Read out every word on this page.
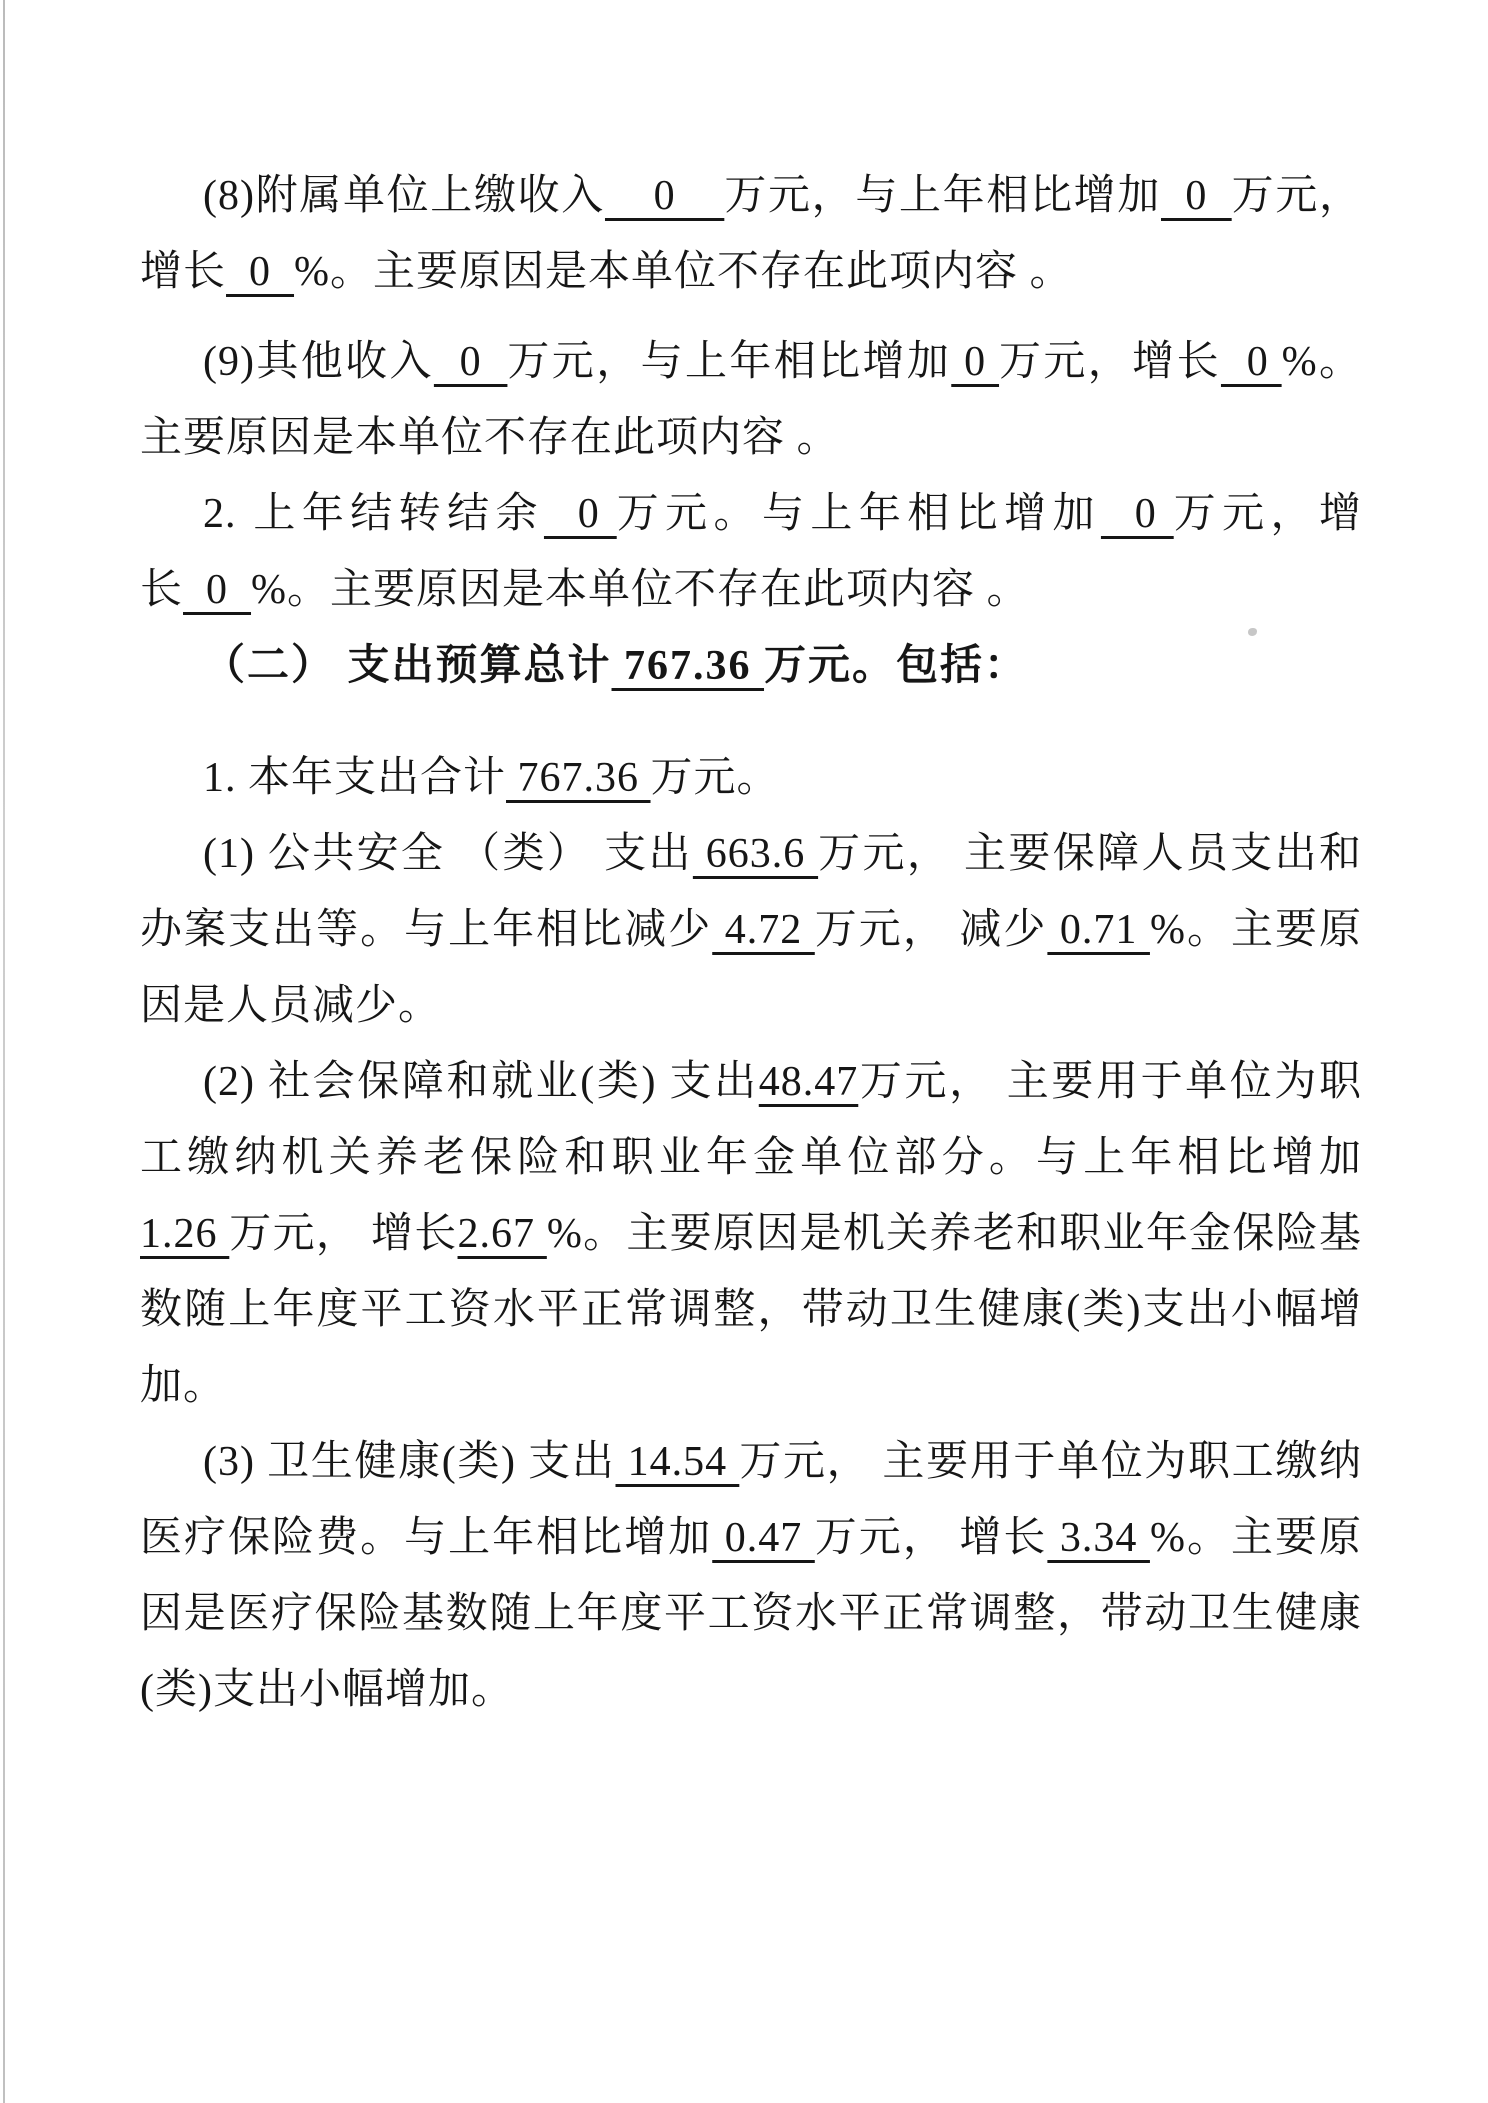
(8)附属单位上缴收入    0    万元，与上年相比增加  0  万元，增长  0  %。主要原因是本单位不存在此项内容 。

(9)其他收入  0  万元，与上年相比增加 0 万元，增长  0 %。主要原因是本单位不存在此项内容 。

2. 上年结转结余  0 万元。与上年相比增加  0 万元，增长  0  %。主要原因是本单位不存在此项内容 。

（二） 支出预算总计 767.36 万元。包括：

1. 本年支出合计 767.36 万元。

(1) 公共安全 （类） 支出 663.6 万元， 主要保障人员支出和办案支出等。与上年相比减少 4.72 万元， 减少 0.71 %。主要原因是人员减少。

(2) 社会保障和就业(类) 支出48.47万元， 主要用于单位为职工缴纳机关养老保险和职业年金单位部分。与上年相比增加1.26 万元， 增长2.67 %。主要原因是机关养老和职业年金保险基数随上年度平工资水平正常调整，带动卫生健康(类)支出小幅增加。

(3) 卫生健康(类) 支出 14.54 万元， 主要用于单位为职工缴纳医疗保险费。与上年相比增加 0.47 万元， 增长 3.34 %。主要原因是医疗保险基数随上年度平工资水平正常调整，带动卫生健康(类)支出小幅增加。
